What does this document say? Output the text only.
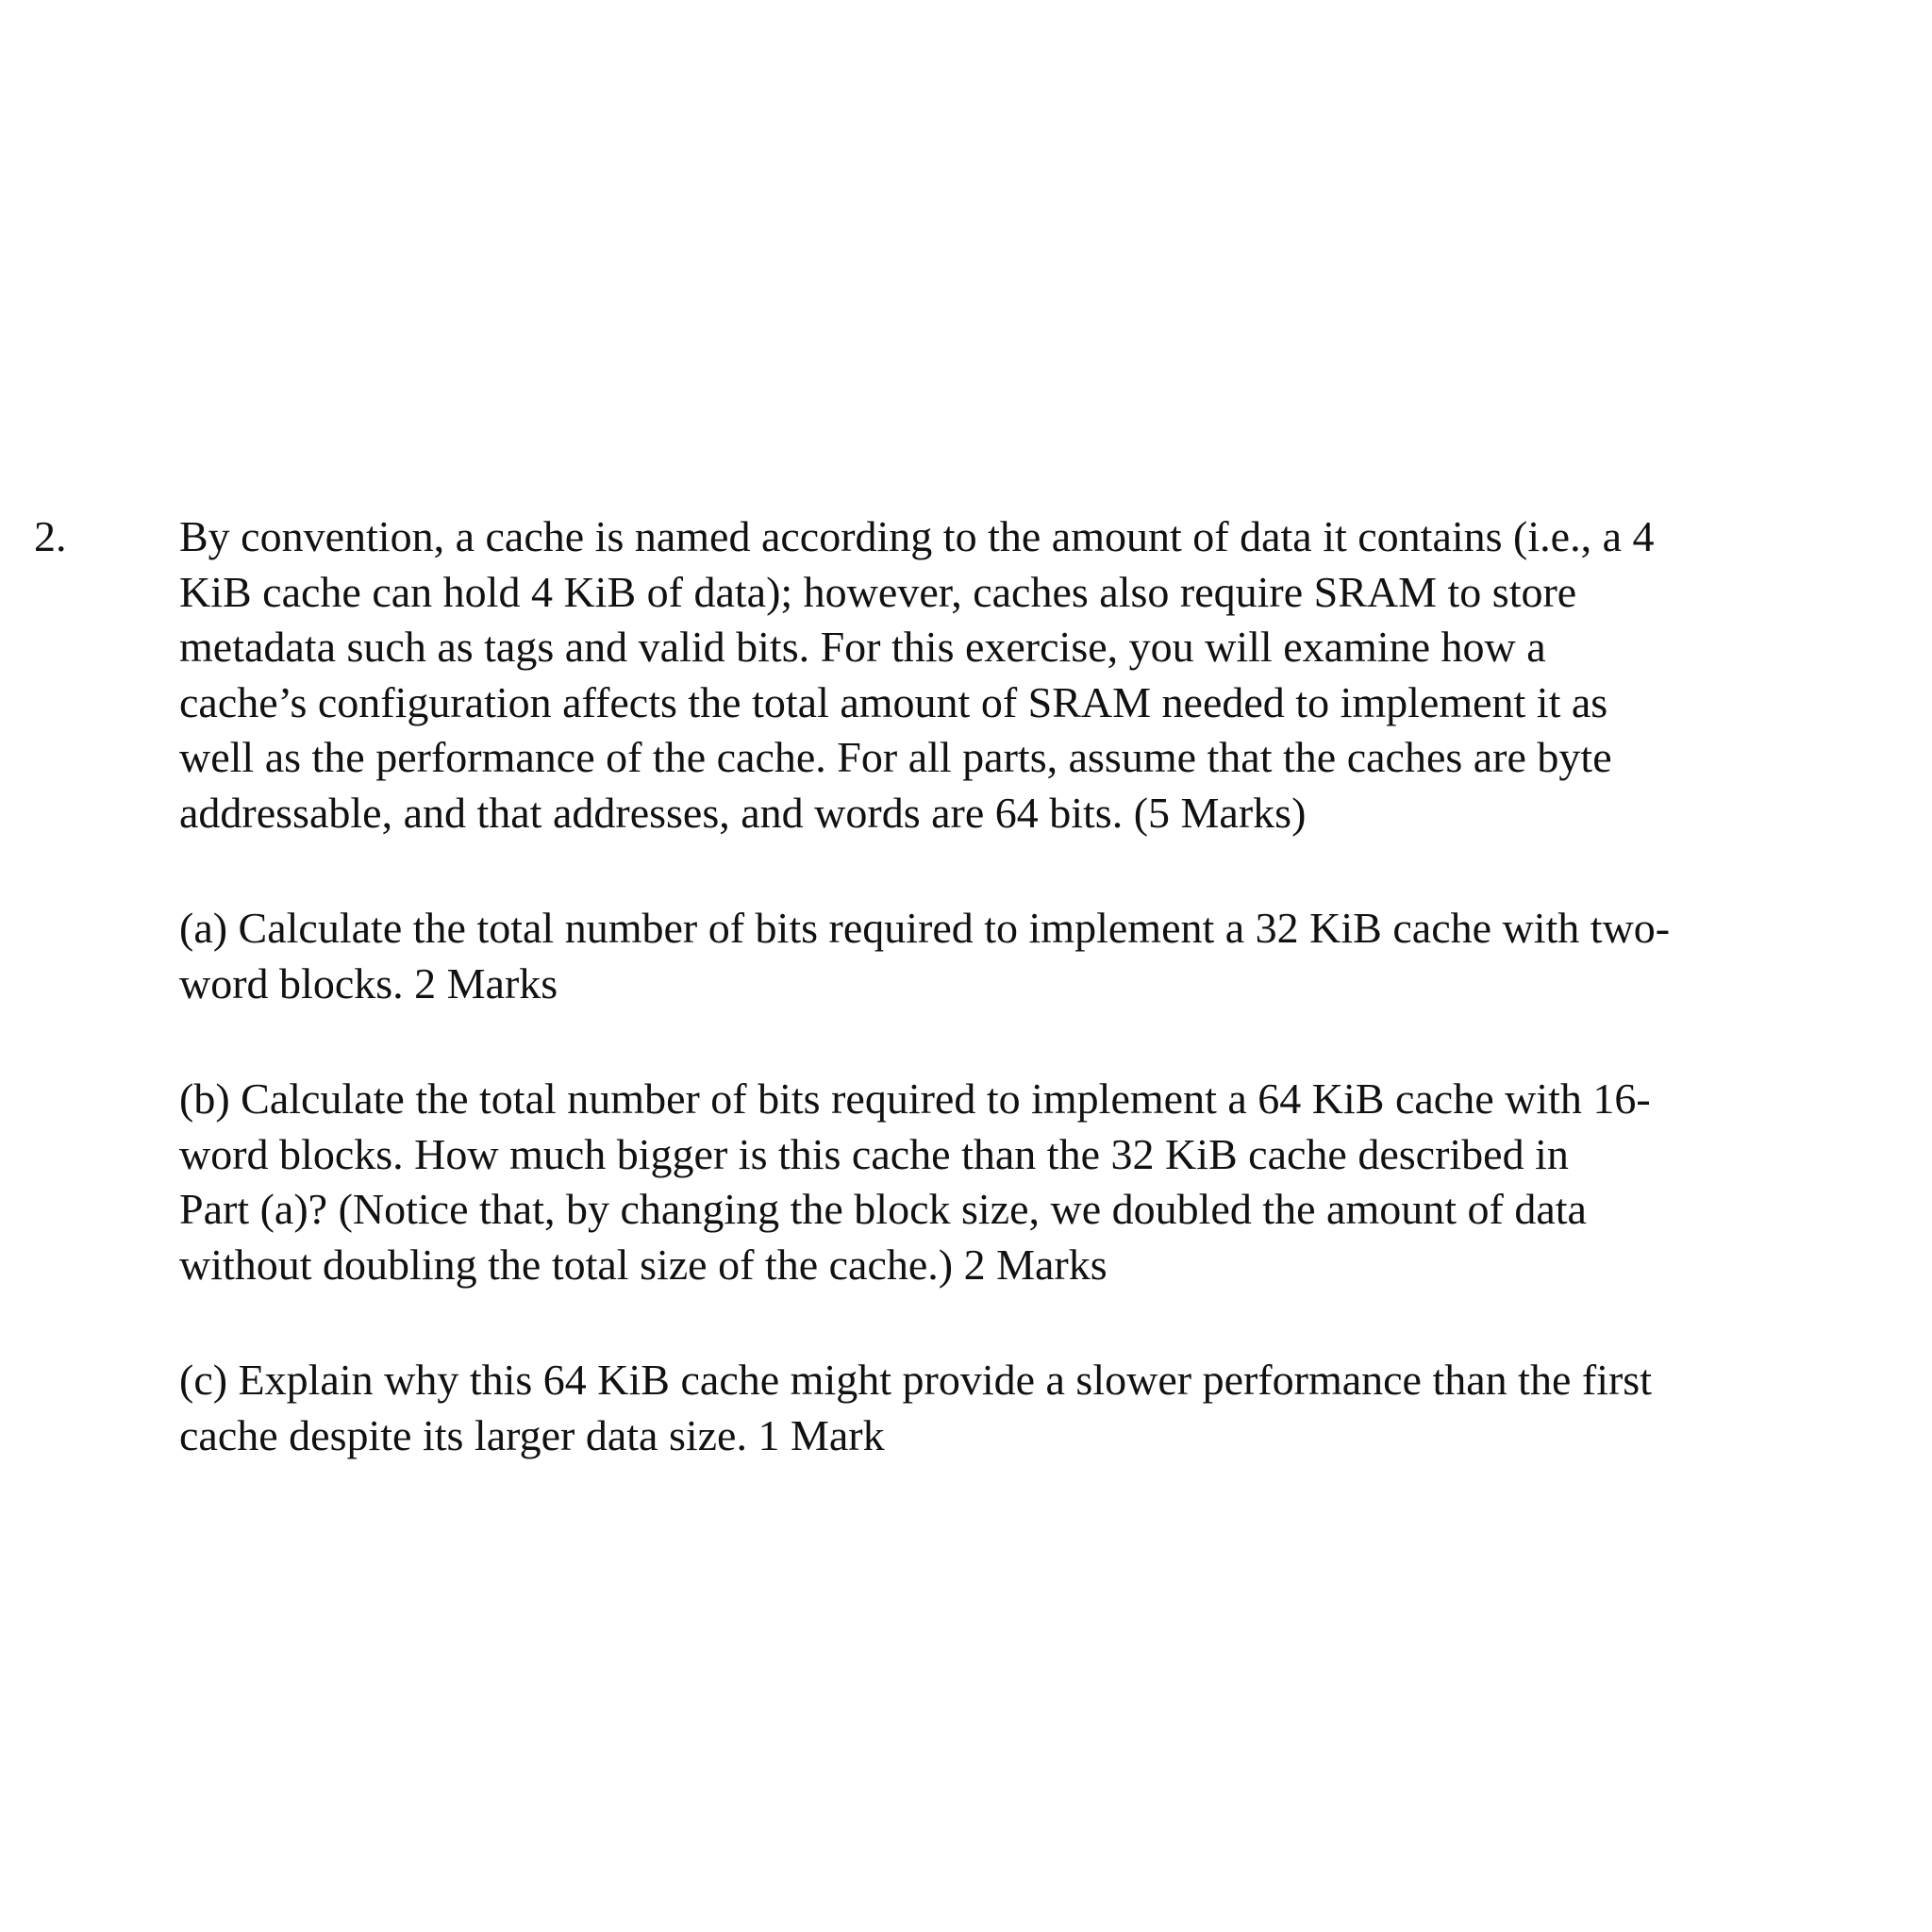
2.	By convention, a cache is named according to the amount of data it contains (i.e., a 4
KiB cache can hold 4 KiB of data); however, caches also require SRAM to store
metadata such as tags and valid bits. For this exercise, you will examine how a
cache’s configuration affects the total amount of SRAM needed to implement it as
well as the performance of the cache. For all parts, assume that the caches are byte
addressable, and that addresses, and words are 64 bits. (5 Marks)
(a) Calculate the total number of bits required to implement a 32 KiB cache with two-
word blocks. 2 Marks
(b) Calculate the total number of bits required to implement a 64 KiB cache with 16-
word blocks. How much bigger is this cache than the 32 KiB cache described in
Part (a)? (Notice that, by changing the block size, we doubled the amount of data
without doubling the total size of the cache.) 2 Marks
(c) Explain why this 64 KiB cache might provide a slower performance than the first
cache despite its larger data size. 1 Mark
